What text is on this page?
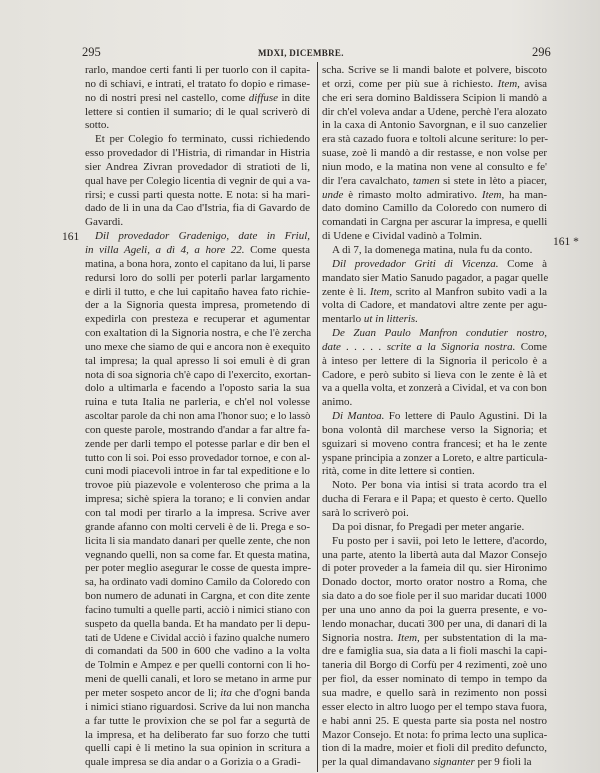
295	MDXI, DICEMBRE.	296
161	161 *
rarlo, mandoe certi fanti li per tuorlo con il capita-
no di schiavi, e intrati, el tratato fo dopio e rimase-
no di nostri presi nel castello, come diffuse in dite
lettere si contien il sumario; di le qual scriverò di
sotto.
Et per Colegio fo terminato, cussi richiedendo
esso provedador di l'Histria, di rimandar in Histria
sier Andrea Zivran provedador di stratioti de li,
qual have per Colegio licentia di vegnir de qui a va-
rirsi; e cussi parti questa notte. E nota: si ha mari-
dado de li in una da Cao d'Istria, fia di Gavardo de
Gavardi.
Dil provedador Gradenigo, date in Friul,
in villa Ageli, a dì 4, a hore 22. Come questa
matina, a bona hora, zonto el capitano da lui, li parse
redursi loro do solli per poterli parlar largamento
e dirli il tutto, e che lui capitaño havea fato richie-
der a la Signoria questa impresa, prometendo di
expedirla con presteza e recuperar et agumentar
con exaltation di la Signoria nostra, e che l'è zercha
uno mexe che siamo de qui e ancora non è exequito
tal impresa; la qual apresso li soi emuli è di gran
nota di soa signoria ch'è capo di l'exercito, exortan-
dolo a ultimarla e facendo a l'oposto saria la sua
ruina e tuta Italia ne parleria, e ch'el nol volesse
ascoltar parole da chi non ama l'honor suo; e lo lassò
con queste parole, mostrando d'andar a far altre fa-
zende per darli tempo el potesse parlar e dir ben el
tutto con li soi. Poi esso provedador tornoe, e con al-
cuni modi piacevoli introe in far tal expeditione e lo
trovoe più piazevole e volenteroso che prima a la
impresa; sichè spiera la torano; e li convien andar
con tal modi per tirarlo a la impresa. Scrive aver
grande afanno con molti cerveli è de li. Prega e so-
licita li sia mandato danari per quelle zente, che non
vegnando quelli, non sa come far. Et questa matina,
per poter meglio asegurar le cosse de questa impre-
sa, ha ordinato vadi domino Camilo da Coloredo con
bon numero de adunati in Cargna, et con dite zente
facino tumulti a quelle parti, acciò i nimici stiano con
suspeto da quella banda. Et ha mandato per li depu-
tati de Udene e Cividal acciò i fazino qualche numero
di comandati da 500 in 600 che vadino a la volta
de Tolmin e Ampez e per quelli contorni con li ho-
meni de quelli canali, et loro se metano in arme pur
per meter sospeto ancor de li; ita che d'ogni banda
i nimici stiano riguardosi. Scrive da lui non mancha
a far tutte le provixion che se pol far a segurtà de
la impresa, et ha deliberato far suo forzo che tutti
quelli capi è li metino la sua opinion in scritura a
quale impresa se dia andar o a Gorizia o a Gradi-
scha. Scrive se li mandi balote et polvere, biscoto
et orzi, come per più sue à richiesto. Item, avisa
che eri sera domino Baldissera Scipion li mandò a
dir ch'el voleva andar a Udene, perchè l'era alozato
in la caxa di Antonio Savorgnan, e il suo canzelier
era stà cazado fuora e toltoli alcune seriture: lo per-
suase, zoè li mandò a dir restasse, e non volse per
niun modo, e la matina non vene al consulto e fe'
dir l'era cavalchato, tamen si stete in lèto a piacer,
unde è rimasto molto admirativo. Item, ha man-
dato domino Camillo da Coloredo con numero di
comandati in Cargna per ascurar la impresa, e quelli
di Udene e Cividal vadinò a Tolmin.
A dì 7, la domenega matina, nula fu da conto.
Dil provedador Griti di Vicenza. Come à
mandato sier Matio Sanudo pagador, a pagar quelle
zente è li. Item, scrito al Manfron subito vadi a la
volta di Cadore, et mandatovi altre zente per agu-
mentarlo ut in litteris.
De Zuan Paulo Manfron condutier nostro,
date . . . . . scrite a la Signoria nostra. Come
à inteso per lettere di la Signoria il pericolo è a
Cadore, e però subito si lieva con le zente è là et
va a quella volta, et zonzerà a Cividal, et va con bon
animo.
Di Mantoa. Fo lettere di Paulo Agustini. Di la
bona volontà dil marchese verso la Signoria; et
sguizari si moveno contra francesi; et ha le zente
yspane principia a zonzer a Loreto, e altre particula-
rità, come in dite lettere si contien.
Noto. Per bona via intisi si trata acordo tra el
ducha di Ferara e il Papa; et questo è certo. Quello
sarà lo scriverò poi.
Da poi disnar, fo Pregadi per meter angarie.
Fu posto per i savii, poi leto le lettere, d'acordo,
una parte, atento la libertà auta dal Mazor Consejo
di poter proveder a la fameia dil qu. sier Hironimo
Donado doctor, morto orator nostro a Roma, che
sia dato a do soe fiole per il suo maridar ducati 1000
per una uno anno da poi la guerra presente, e vo-
lendo monachar, ducati 300 per una, di danari di la
Signoria nostra. Item, per substentation di la ma-
dre e famiglia sua, sia data a li fioli maschi la capi-
taneria dil Borgo di Corfù per 4 rezimenti, zoè uno
per fiol, da esser nominato di tempo in tempo da
sua madre, e quello sarà in rezimento non possi
esser electo in altro luogo per el tempo stava fuora,
e habi anni 25. E questa parte sia posta nel nostro
Mazor Consejo. Et nota: fo prima lecto una suplica-
tion di la madre, moier et fioli dil predito defuncto,
per la qual dimandavano signanter per 9 fioli la
